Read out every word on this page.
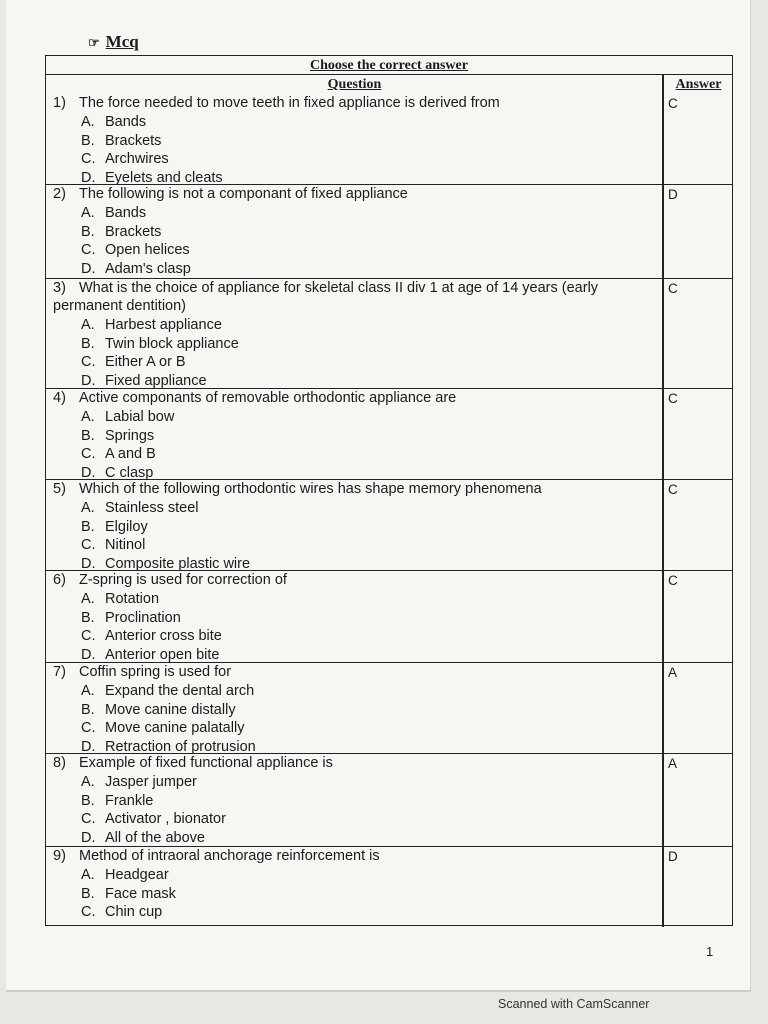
☞ Mcq
Choose the correct answer
Question	Answer
1) The force needed to move teeth in fixed appliance is derived from
A. Bands
B. Brackets
C. Archwires
D. Eyelets and cleats
C
2) The following is not a componant of fixed appliance
A. Bands
B. Brackets
C. Open helices
D. Adam's clasp
D
3) What is the choice of appliance for skeletal class II div 1 at age of 14 years (early permanent dentition)
A. Harbest appliance
B. Twin block appliance
C. Either A or B
D. Fixed appliance
C
4) Active componants of removable orthodontic appliance are
A. Labial bow
B. Springs
C. A and B
D. C clasp
C
5) Which of the following orthodontic wires has shape memory phenomena
A. Stainless steel
B. Elgiloy
C. Nitinol
D. Composite plastic wire
C
6) Z-spring is used for correction of
A. Rotation
B. Proclination
C. Anterior cross bite
D. Anterior open bite
C
7) Coffin spring is used for
A. Expand the dental arch
B. Move canine distally
C. Move canine palatally
D. Retraction of protrusion
A
8) Example of fixed functional appliance is
A. Jasper jumper
B. Frankle
C. Activator , bionator
D. All of the above
A
9) Method of intraoral anchorage reinforcement is
A. Headgear
B. Face mask
C. Chin cup
D
1
Scanned with CamScanner
